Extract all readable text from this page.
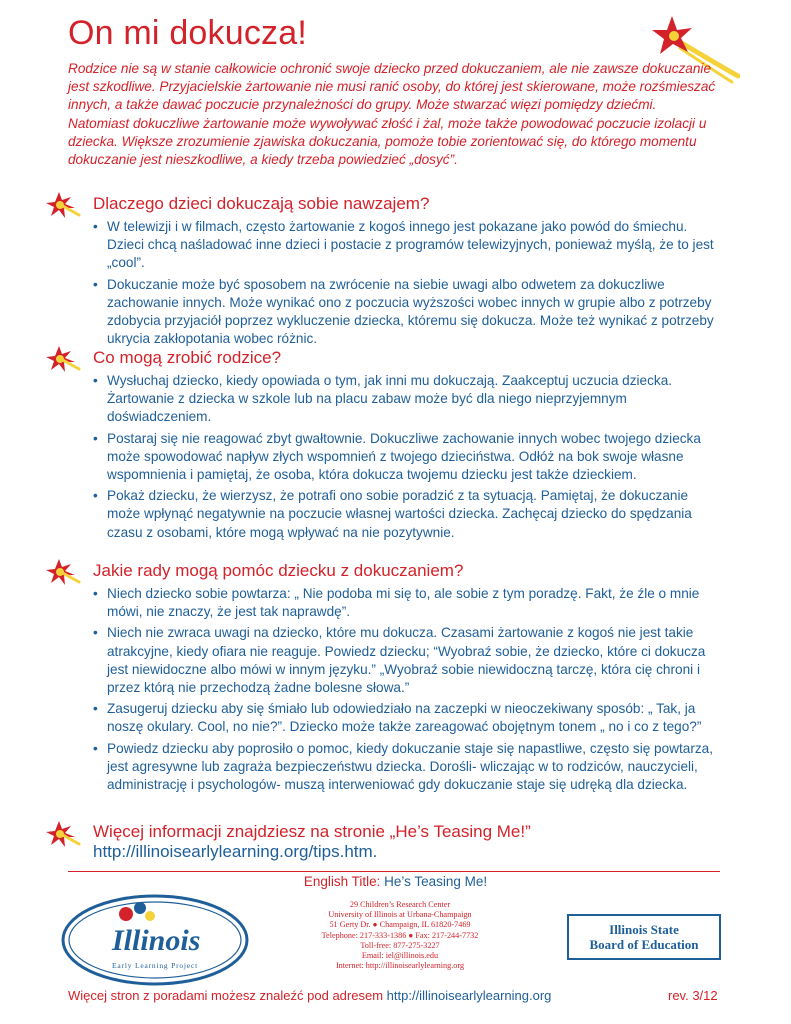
On mi dokucza!

Rodzice nie są w stanie całkowicie ochronić swoje dziecko przed dokuczaniem, ale nie zawsze dokuczanie jest szkodliwe. Przyjacielskie żartowanie nie musi ranić osoby, do której jest skierowane, może rozśmieszać innych, a także dawać poczucie przynależności do grupy. Może stwarzać więzi pomiędzy dziećmi. Natomiast dokuczliwe żartowanie może wywoływać złość i żal, może także powodować poczucie izolacji u dziecka. Większe zrozumienie zjawiska dokuczania, pomoże tobie zorientować się, do którego momentu dokuczanie jest nieszkodliwe, a kiedy trzeba powiedzieć „dosyć”.

Dlaczego dzieci dokuczają sobie nawzajem?
• W telewizji i w filmach, często żartowanie z kogoś innego jest pokazane jako powód do śmiechu. Dzieci chcą naśladować inne dzieci i postacie z programów telewizyjnych, ponieważ myślą, że to jest „cool”.
• Dokuczanie może być sposobem na zwrócenie na siebie uwagi albo odwetem za dokuczliwe zachowanie innych. Może wynikać ono z poczucia wyższości wobec innych w grupie albo z potrzeby zdobycia przyjaciół poprzez wykluczenie dziecka, któremu się dokucza. Może też wynikać z potrzeby ukrycia zakłopotania wobec różnic.
Co mogą zrobić rodzice?
• Wysłuchaj dziecko, kiedy opowiada o tym, jak inni mu dokuczają. Zaakceptuj uczucia dziecka. Żartowanie z dziecka w szkole lub na placu zabaw może być dla niego nieprzyjemnym doświadczeniem.
• Postaraj się nie reagować zbyt gwałtownie. Dokuczliwe zachowanie innych wobec twojego dziecka może spowodować napływ złych wspomnień z twojego dzieciństwa. Odłóż na bok swoje własne wspomnienia i pamiętaj, że osoba, która dokucza twojemu dziecku jest także dzieckiem.
• Pokaż dziecku, że wierzysz, że potrafi ono sobie poradzić z ta sytuacją. Pamiętaj, że dokuczanie może wpłynąć negatywnie na poczucie własnej wartości dziecka. Zachęcaj dziecko do spędzania czasu z osobami, które mogą wpływać na nie pozytywnie.
Jakie rady mogą pomóc dziecku z dokuczaniem?
• Niech dziecko sobie powtarza: „ Nie podoba mi się to, ale sobie z tym poradzę. Fakt, że źle o mnie mówi, nie znaczy, że jest tak naprawdę”.
• Niech nie zwraca uwagi na dziecko, które mu dokucza. Czasami żartowanie z kogoś nie jest takie atrakcyjne, kiedy ofiara nie reaguje. Powiedz dziecku; “Wyobraź sobie, że dziecko, które ci dokucza jest niewidoczne albo mówi w innym języku.” „Wyobraź sobie niewidoczną tarczę, która cię chroni i przez którą nie przechodzą żadne bolesne słowa.”
• Zasugeruj dziecku aby się śmiało lub odowiedziało na zaczepki w nieoczekiwany sposób: „ Tak, ja noszę okulary. Cool, no nie?”. Dziecko może także zareagować obojętnym tonem „ no i co z tego?”
• Powiedz dziecku aby poprosiło o pomoc, kiedy dokuczanie staje się napastliwe, często się powtarza, jest agresywne lub zagraża bezpieczeństwu dziecka. Dorośli- wliczając w to rodziców, nauczycieli, administrację i psychologów- muszą interweniować gdy dokuczanie staje się udręką dla dziecka.

Więcej informacji znajdziesz na stronie „He’s Teasing Me!”
http://illinoisearlylearning.org/tips.htm.

English Title: He’s Teasing Me!
Illinois
Early Learning Project
29 Children’s Research Center
University of Illinois at Urbana-Champaign
51 Gerty Dr. ● Champaign, IL 61820-7469
Telephone: 217-333-1386 ● Fax: 217-244-7732
Toll-free: 877-275-3227
Email: iel@illinois.edu
Internet: http://illinoisearlylearning.org
Illinois State
Board of Education
Więcej stron z poradami możesz znaleźć pod adresem http://illinoisearlylearning.org	rev. 3/12
